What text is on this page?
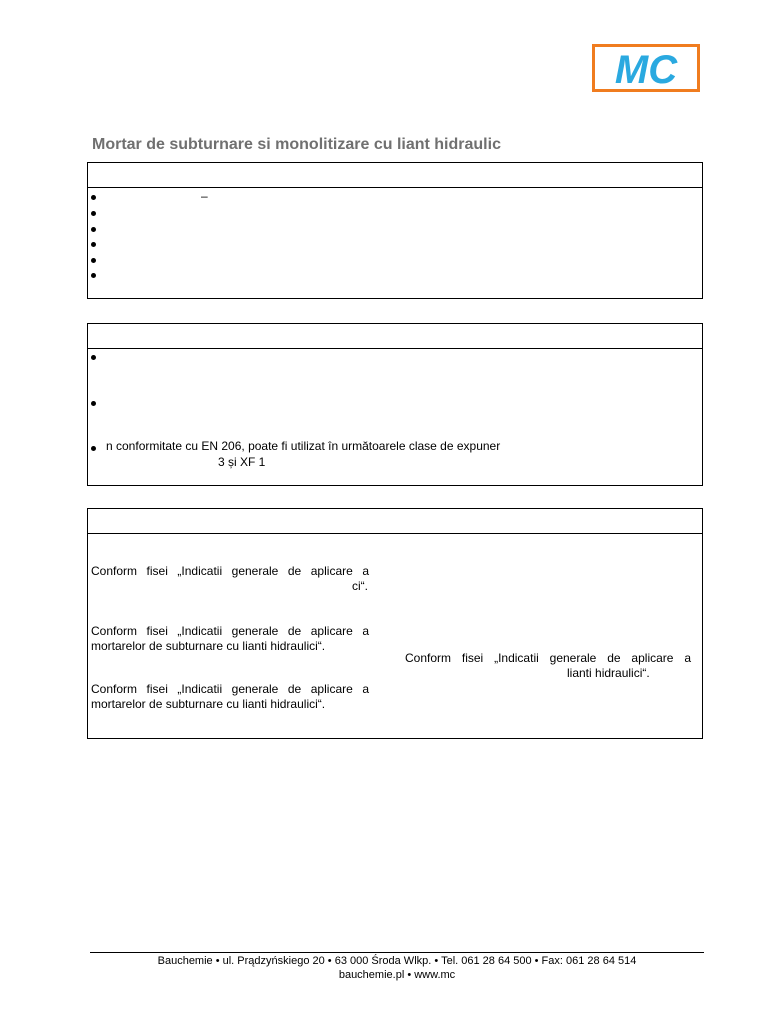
MC
Mortar de subturnare si monolitizare cu liant hidraulic
–
n conformitate cu EN 206, poate fi utilizat în următoarele clase de expuner
3 și XF 1
Conform fisei „Indicatii generale de aplicare a
ci“.
Conform fisei „Indicatii generale de aplicare a
mortarelor de subturnare cu lianti hidraulici“.
Conform fisei „Indicatii generale de aplicare a
mortarelor de subturnare cu lianti hidraulici“.
Conform fisei „Indicatii generale de aplicare a
lianti hidraulici“.
Bauchemie • ul. Prądzyńskiego 20 • 63 000 Środa Wlkp. • Tel. 061 28 64 500 • Fax: 061 28 64 514
bauchemie.pl • www.mc
